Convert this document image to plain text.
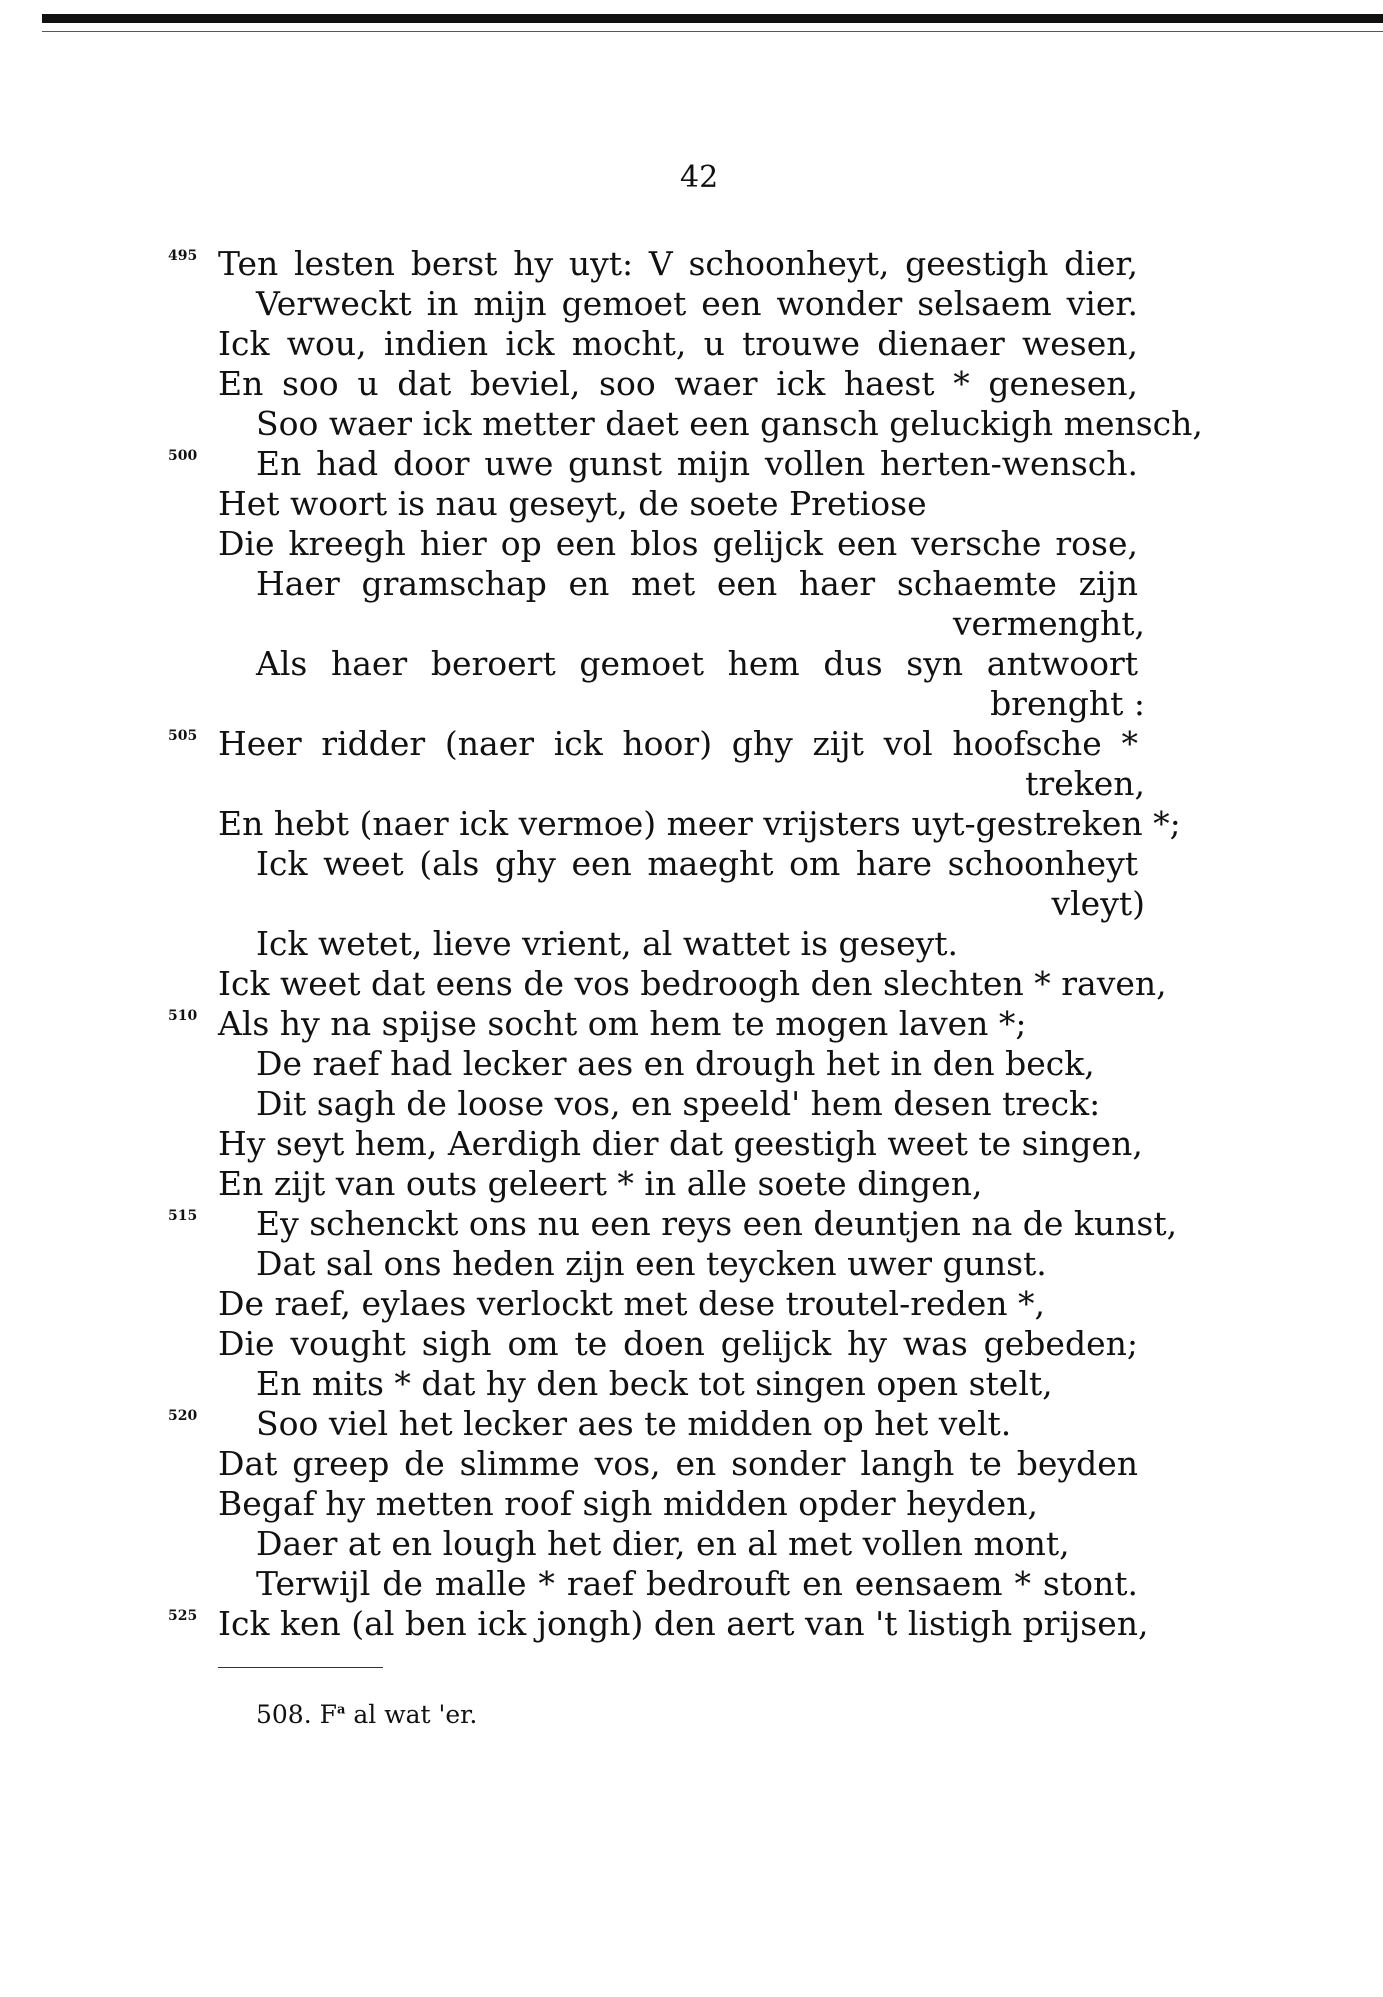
42
495 Ten lesten berst hy uyt: V schoonheyt, geestigh dier,
Verweckt in mijn gemoet een wonder selsaem vier.
Ick wou, indien ick mocht, u trouwe dienaer wesen,
En soo u dat beviel, soo waer ick haest * genesen,
Soo waer ick metter daet een gansch geluckigh mensch,
500 En had door uwe gunst mijn vollen herten-wensch.
Het woort is nau geseyt, de soete Pretiose
Die kreegh hier op een blos gelijck een versche rose,
Haer gramschap en met een haer schaemte zijn
vermenght,
Als haer beroert gemoet hem dus syn antwoort
brenght :
505 Heer ridder (naer ick hoor) ghy zijt vol hoofsche *
treken,
En hebt (naer ick vermoe) meer vrijsters uyt-gestreken *;
Ick weet (als ghy een maeght om hare schoonheyt
vleyt)
Ick wetet, lieve vrient, al wattet is geseyt.
Ick weet dat eens de vos bedroogh den slechten * raven,
510 Als hy na spijse socht om hem te mogen laven *;
De raef had lecker aes en drough het in den beck,
Dit sagh de loose vos, en speeld' hem desen treck:
Hy seyt hem, Aerdigh dier dat geestigh weet te singen,
En zijt van outs geleert * in alle soete dingen,
515 Ey schenckt ons nu een reys een deuntjen na de kunst,
Dat sal ons heden zijn een teycken uwer gunst.
De raef, eylaes verlockt met dese troutel-reden *,
Die vought sigh om te doen gelijck hy was gebeden;
En mits * dat hy den beck tot singen open stelt,
520 Soo viel het lecker aes te midden op het velt.
Dat greep de slimme vos, en sonder langh te beyden
Begaf hy metten roof sigh midden opder heyden,
Daer at en lough het dier, en al met vollen mont,
Terwijl de malle * raef bedrouft en eensaem * stont.
525 Ick ken (al ben ick jongh) den aert van 't listigh prijsen,
508. $F^a$ al wat 'er.
